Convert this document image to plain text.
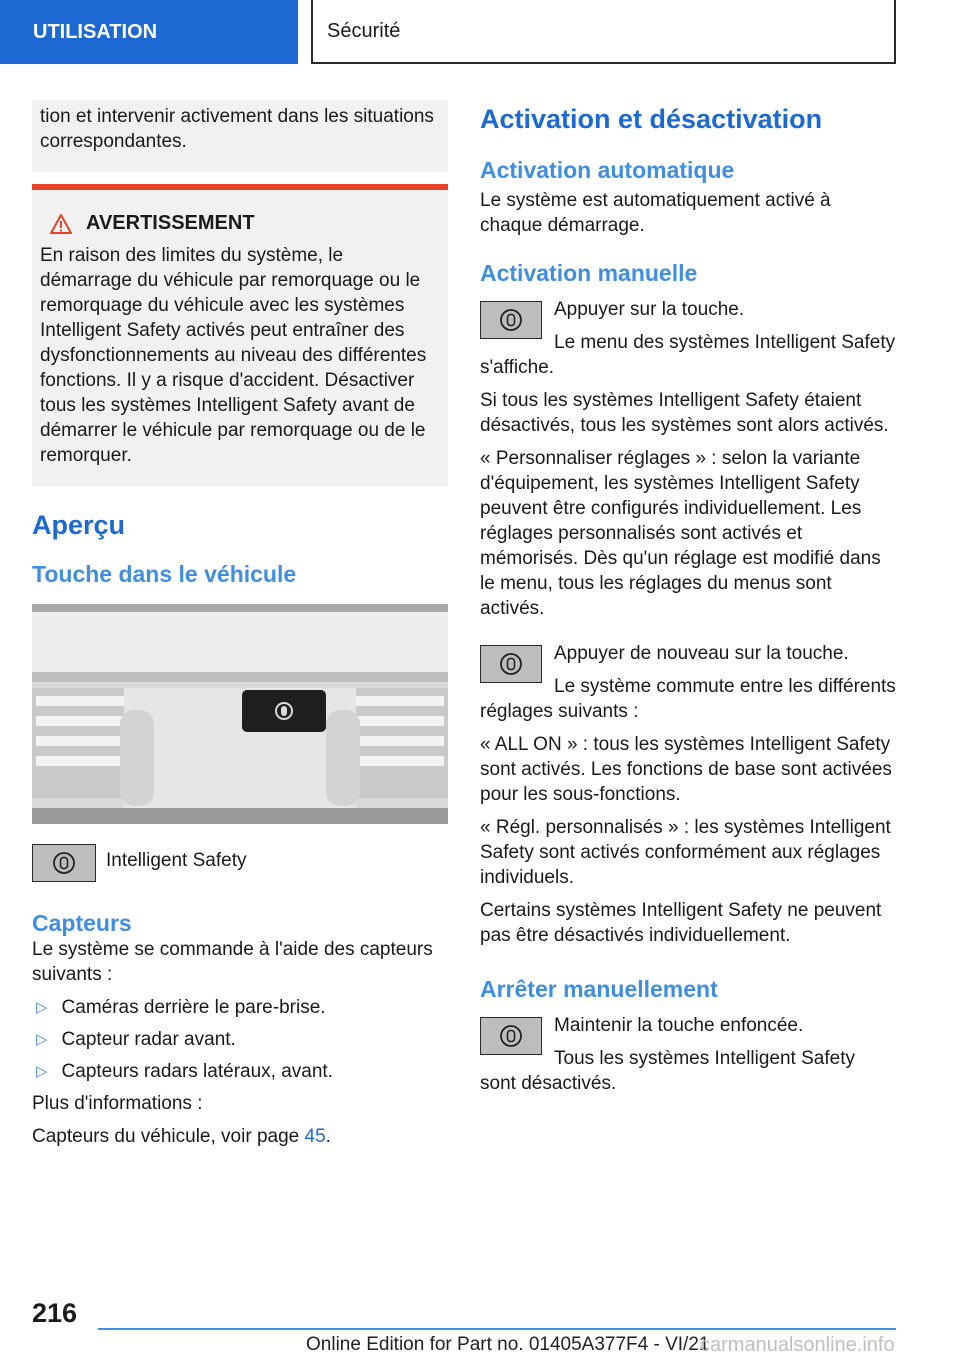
UTILISATION	Sécurité
tion et intervenir activement dans les situations correspondantes.
AVERTISSEMENT

En raison des limites du système, le démarrage du véhicule par remorquage ou le remorquage du véhicule avec les systèmes Intelligent Safety activés peut entraîner des dysfonctionnements au niveau des différentes fonctions. Il y a risque d'accident. Désactiver tous les systèmes Intelligent Safety avant de démarrer le véhicule par remorquage ou de le remorquer.

Aperçu
Touche dans le véhicule
Intelligent Safety
Capteurs

Le système se commande à l'aide des capteurs suivants :

▷ Caméras derrière le pare-brise.
▷ Capteur radar avant.
▷ Capteurs radars latéraux, avant.

Plus d'informations :

Capteurs du véhicule, voir page 45.

Activation et désactivation
Activation automatique

Le système est automatiquement activé à chaque démarrage.

Activation manuelle

Appuyer sur la touche.

Le menu des systèmes Intelligent Safety s'affiche.

Si tous les systèmes Intelligent Safety étaient désactivés, tous les systèmes sont alors activés.

« Personnaliser réglages » : selon la variante d'équipement, les systèmes Intelligent Safety peuvent être configurés individuellement. Les réglages personnalisés sont activés et mémorisés. Dès qu'un réglage est modifié dans le menu, tous les réglages du menus sont activés.

Appuyer de nouveau sur la touche.

Le système commute entre les différents réglages suivants :

« ALL ON » : tous les systèmes Intelligent Safety sont activés. Les fonctions de base sont activées pour les sous-fonctions.

« Régl. personnalisés » : les systèmes Intelligent Safety sont activés conformément aux réglages individuels.

Certains systèmes Intelligent Safety ne peuvent pas être désactivés individuellement.

Arrêter manuellement

Maintenir la touche enfoncée.

Tous les systèmes Intelligent Safety sont désactivés.

216
Online Edition for Part no. 01405A377F4 - VI/21
carmanualsonline.info
